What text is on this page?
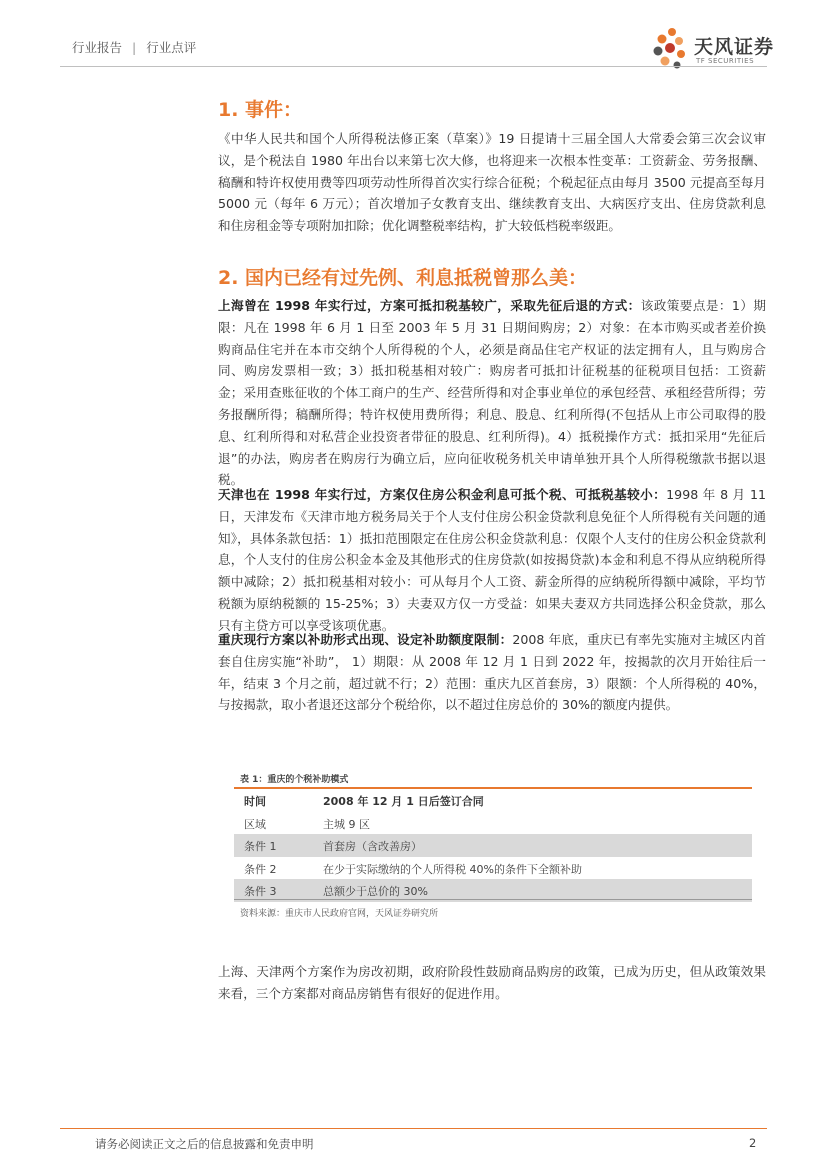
行业报告 | 行业点评	天风证券
TF SECURITIES
1. 事件：

《中华人民共和国个人所得税法修正案（草案）》19 日提请十三届全国人大常委会第三次会议审议，是个税法自 1980 年出台以来第七次大修，也将迎来一次根本性变革：工资薪金、劳务报酬、稿酬和特许权使用费等四项劳动性所得首次实行综合征税；个税起征点由每月 3500 元提高至每月 5000 元（每年 6 万元）；首次增加子女教育支出、继续教育支出、大病医疗支出、住房贷款利息和住房租金等专项附加扣除；优化调整税率结构，扩大较低档税率级距。

2. 国内已经有过先例、利息抵税曾那么美：

上海曾在 1998 年实行过，方案可抵扣税基较广，采取先征后退的方式：该政策要点是：1）期限：凡在 1998 年 6 月 1 日至 2003 年 5 月 31 日期间购房；2）对象：在本市购买或者差价换购商品住宅并在本市交纳个人所得税的个人，必须是商品住宅产权证的法定拥有人，且与购房合同、购房发票相一致；3）抵扣税基相对较广：购房者可抵扣计征税基的征税项目包括：工资薪金；采用查账征收的个体工商户的生产、经营所得和对企事业单位的承包经营、承租经营所得；劳务报酬所得；稿酬所得；特许权使用费所得；利息、股息、红利所得(不包括从上市公司取得的股息、红利所得和对私营企业投资者带征的股息、红利所得)。4）抵税操作方式：抵扣采用“先征后退”的办法，购房者在购房行为确立后，应向征收税务机关申请单独开具个人所得税缴款书据以退税。

天津也在 1998 年实行过，方案仅住房公积金利息可抵个税、可抵税基较小：1998 年 8 月 11 日，天津发布《天津市地方税务局关于个人支付住房公积金贷款利息免征个人所得税有关问题的通知》，具体条款包括：1）抵扣范围限定在住房公积金贷款利息：仅限个人支付的住房公积金贷款利息，个人支付的住房公积金本金及其他形式的住房贷款(如按揭贷款)本金和利息不得从应纳税所得额中减除；2）抵扣税基相对较小：可从每月个人工资、薪金所得的应纳税所得额中减除，平均节税额为原纳税额的 15-25%；3）夫妻双方仅一方受益：如果夫妻双方共同选择公积金贷款，那么只有主贷方可以享受该项优惠。

重庆现行方案以补助形式出现、设定补助额度限制：2008 年底，重庆已有率先实施对主城区内首套自住房实施“补助”， 1）期限：从 2008 年 12 月 1 日到 2022 年，按揭款的次月开始往后一年，结束 3 个月之前，超过就不行；2）范围：重庆九区首套房，3）限额：个人所得税的 40%，与按揭款，取小者退还这部分个税给你，以不超过住房总价的 30%的额度内提供。

表 1：重庆的个税补助模式
时间	2008 年 12 月 1 日后签订合同
区域	主城 9 区
条件 1	首套房（含改善房）
条件 2	在少于实际缴纳的个人所得税 40%的条件下全额补助
条件 3	总额少于总价的 30%
资料来源：重庆市人民政府官网，天风证券研究所

上海、天津两个方案作为房改初期，政府阶段性鼓励商品购房的政策，已成为历史，但从政策效果来看，三个方案都对商品房销售有很好的促进作用。

请务必阅读正文之后的信息披露和免责申明	2
